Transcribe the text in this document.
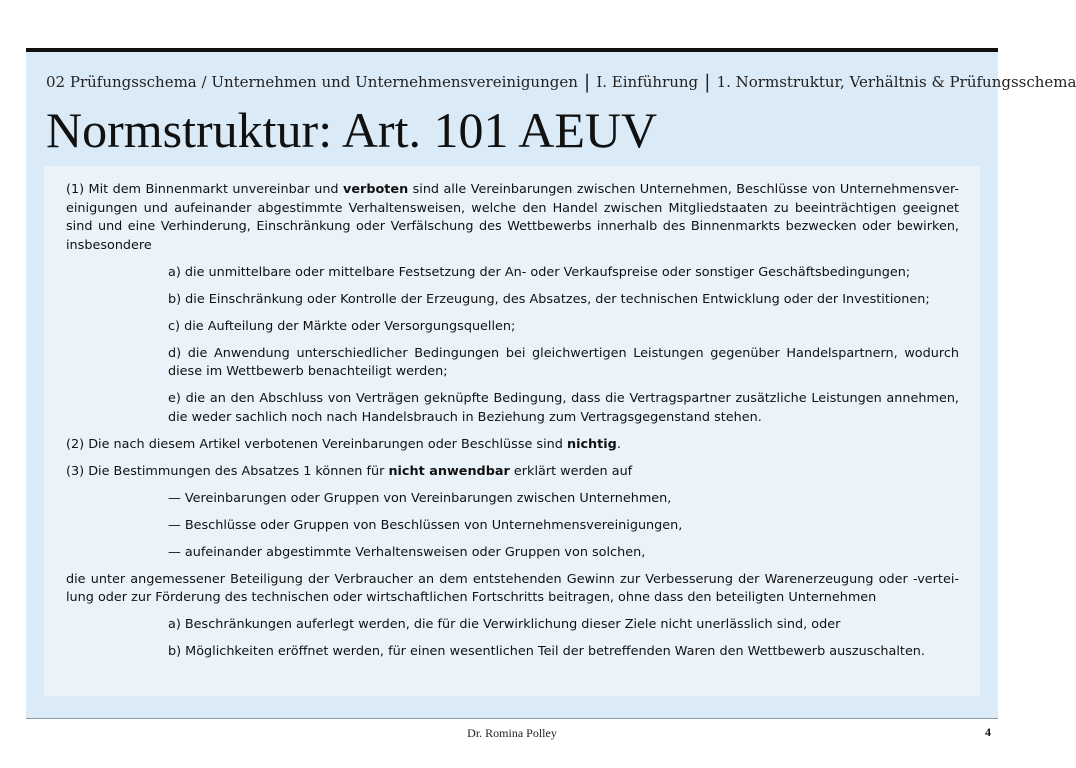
02 Prüfungsschema / Unternehmen und Unternehmensvereinigungen | I. Einführung | 1. Normstruktur, Verhältnis & Prüfungsschema
Normstruktur: Art. 101 AEUV

(1) Mit dem Binnenmarkt unvereinbar und verboten sind alle Vereinbarungen zwischen Unternehmen, Beschlüsse von Unternehmensver-einigungen und aufeinander abgestimmte Verhaltensweisen, welche den Handel zwischen Mitgliedstaaten zu beeinträchtigen geeignet sind und eine Verhinderung, Einschränkung oder Verfälschung des Wettbewerbs innerhalb des Binnenmarkts bezwecken oder bewirken, insbesondere

a) die unmittelbare oder mittelbare Festsetzung der An- oder Verkaufspreise oder sonstiger Geschäftsbedingungen;

b) die Einschränkung oder Kontrolle der Erzeugung, des Absatzes, der technischen Entwicklung oder der Investitionen;

c) die Aufteilung der Märkte oder Versorgungsquellen;

d) die Anwendung unterschiedlicher Bedingungen bei gleichwertigen Leistungen gegenüber Handelspartnern, wodurch diese im Wettbewerb benachteiligt werden;

e) die an den Abschluss von Verträgen geknüpfte Bedingung, dass die Vertragspartner zusätzliche Leistungen annehmen, die weder sachlich noch nach Handelsbrauch in Beziehung zum Vertragsgegenstand stehen.

(2) Die nach diesem Artikel verbotenen Vereinbarungen oder Beschlüsse sind nichtig.

(3) Die Bestimmungen des Absatzes 1 können für nicht anwendbar erklärt werden auf

— Vereinbarungen oder Gruppen von Vereinbarungen zwischen Unternehmen,

— Beschlüsse oder Gruppen von Beschlüssen von Unternehmensvereinigungen,

— aufeinander abgestimmte Verhaltensweisen oder Gruppen von solchen,

die unter angemessener Beteiligung der Verbraucher an dem entstehenden Gewinn zur Verbesserung der Warenerzeugung oder -vertei-lung oder zur Förderung des technischen oder wirtschaftlichen Fortschritts beitragen, ohne dass den beteiligten Unternehmen

a) Beschränkungen auferlegt werden, die für die Verwirklichung dieser Ziele nicht unerlässlich sind, oder

b) Möglichkeiten eröffnet werden, für einen wesentlichen Teil der betreffenden Waren den Wettbewerb auszuschalten.

Dr. Romina Polley	4
